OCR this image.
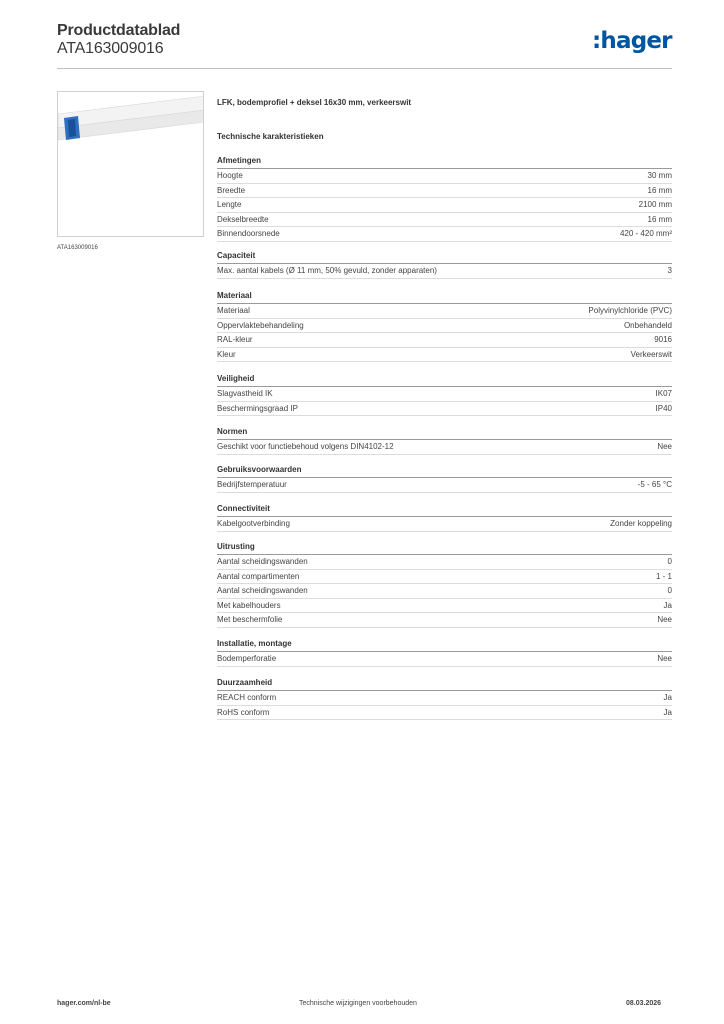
Productdatablad
ATA163009016	:hager
ATA163009016
LFK, bodemprofiel + deksel 16x30 mm, verkeerswit
Technische karakteristieken
Afmetingen
Hoogte	30 mm
Breedte	16 mm
Lengte	2100 mm
Dekselbreedte	16 mm
Binnendoorsnede	420 - 420 mm²
Capaciteit
Max. aantal kabels (Ø 11 mm, 50% gevuld, zonder apparaten)	3
Materiaal
Materiaal	Polyvinylchloride (PVC)
Oppervlaktebehandeling	Onbehandeld
RAL-kleur	9016
Kleur	Verkeerswit
Veiligheid
Slagvastheid IK	IK07
Beschermingsgraad IP	IP40
Normen
Geschikt voor functiebehoud volgens DIN4102-12	Nee
Gebruiksvoorwaarden
Bedrijfstemperatuur	-5 - 65 °C
Connectiviteit
Kabelgootverbinding	Zonder koppeling
Uitrusting
Aantal scheidingswanden	0
Aantal compartimenten	1 - 1
Aantal scheidingswanden	0
Met kabelhouders	Ja
Met beschermfolie	Nee
Installatie, montage
Bodemperforatie	Nee
Duurzaamheid
REACH conform	Ja
RoHS conform	Ja
hager.com/nl-be	Technische wijzigingen voorbehouden	08.03.2026
